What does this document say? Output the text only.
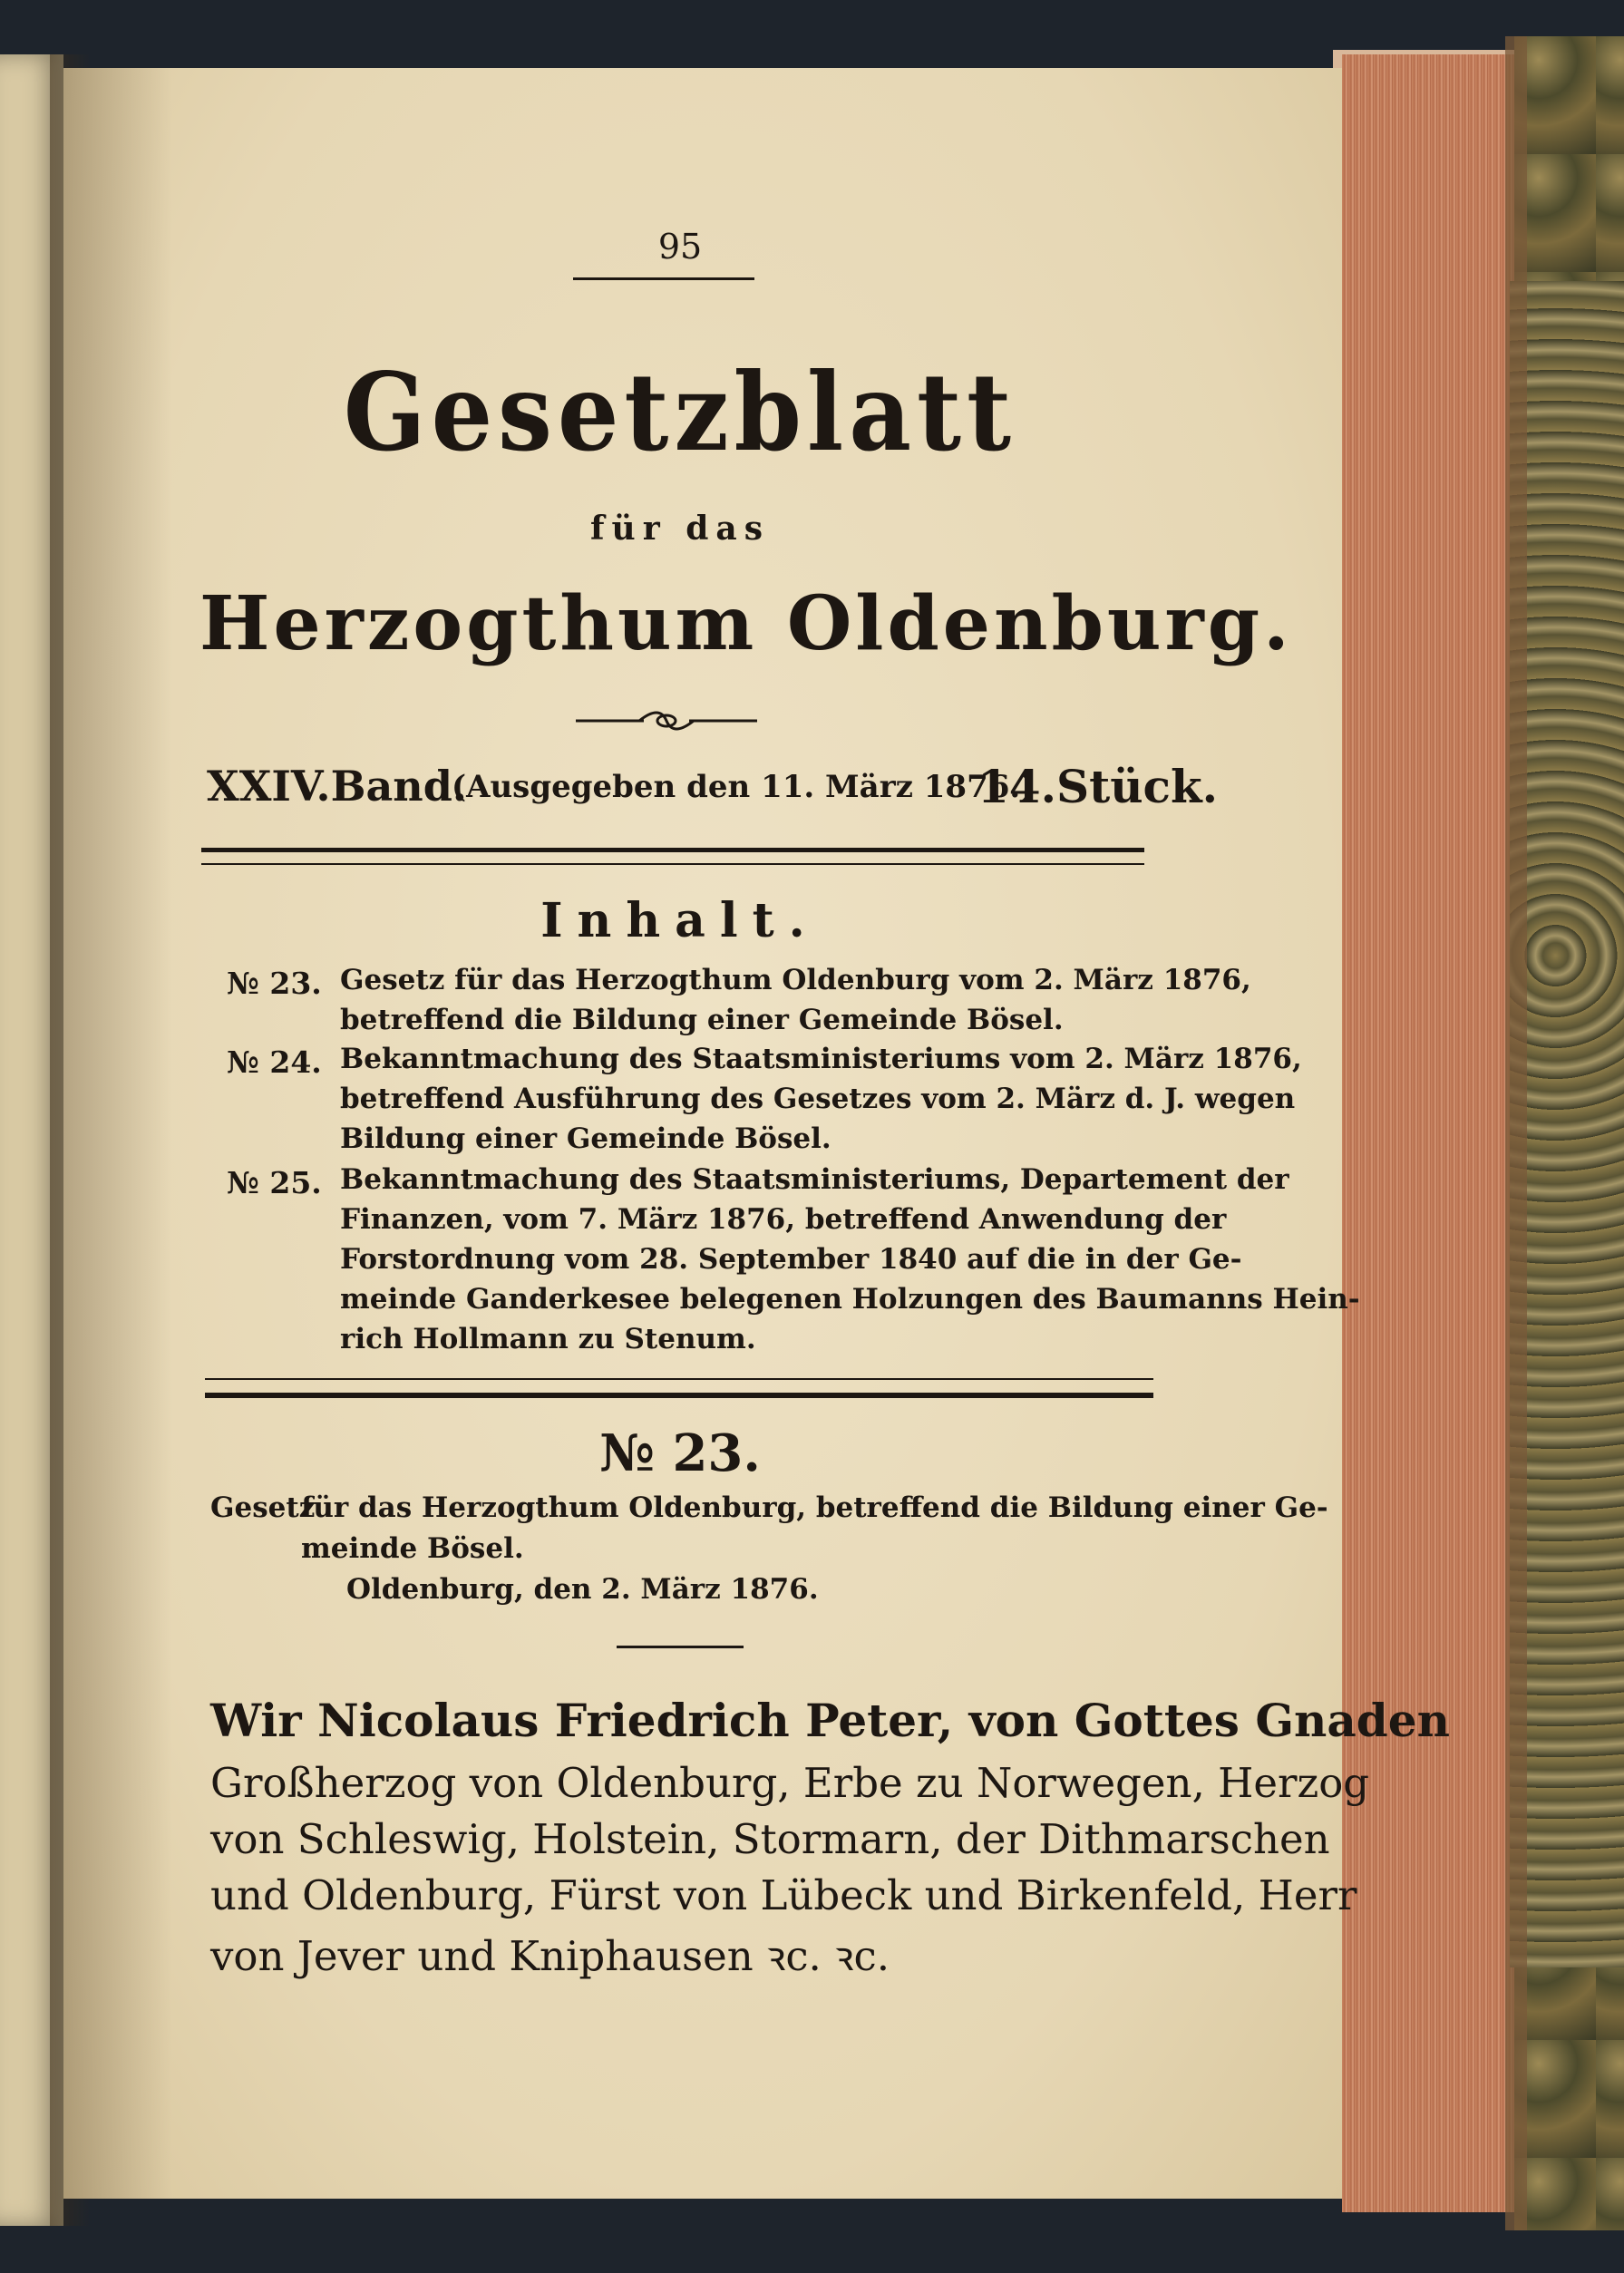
95
Gesetzblatt
für das
Herzogthum Oldenburg.
XXIV.Band.
(Ausgegeben den 11. März 1876.)
14.Stück.
Inhalt.
№ 23. Gesetz für das Herzogthum Oldenburg vom 2. März 1876,
betreffend die Bildung einer Gemeinde Bösel.
№ 24. Bekanntmachung des Staatsministeriums vom 2. März 1876,
betreffend Ausführung des Gesetzes vom 2. März d. J. wegen
Bildung einer Gemeinde Bösel.
№ 25. Bekanntmachung des Staatsministeriums, Departement der
Finanzen, vom 7. März 1876, betreffend Anwendung der
Forstordnung vom 28. September 1840 auf die in der Ge-
meinde Ganderkesee belegenen Holzungen des Baumanns Hein-
rich Hollmann zu Stenum.
№ 23.
Gesetz
für das Herzogthum Oldenburg, betreffend die Bildung einer Ge-
meinde Bösel.
Oldenburg, den 2. März 1876.
Wir Nicolaus Friedrich Peter, von Gottes Gnaden
Großherzog von Oldenburg, Erbe zu Norwegen, Herzog
von Schleswig, Holstein, Stormarn, der Dithmarschen
und Oldenburg, Fürst von Lübeck und Birkenfeld, Herr
von Jever und Kniphausen ꝛc. ꝛc.
